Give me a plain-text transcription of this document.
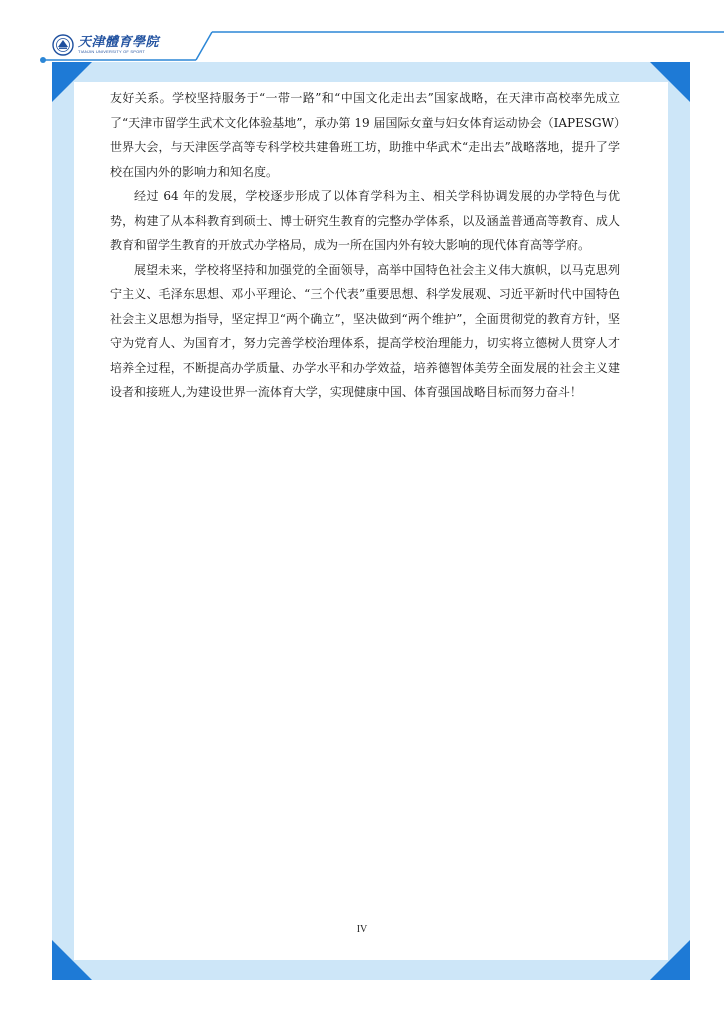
天津體育學院
TIANJIN UNIVERSITY OF SPORT

友好关系。学校坚持服务于“一带一路”和“中国文化走出去”国家战略，在天津市高校率先成立了“天津市留学生武术文化体验基地”，承办第 19 届国际女童与妇女体育运动协会（IAPESGW）世界大会，与天津医学高等专科学校共建鲁班工坊，助推中华武术“走出去”战略落地，提升了学校在国内外的影响力和知名度。

经过 64 年的发展，学校逐步形成了以体育学科为主、相关学科协调发展的办学特色与优势，构建了从本科教育到硕士、博士研究生教育的完整办学体系，以及涵盖普通高等教育、成人教育和留学生教育的开放式办学格局，成为一所在国内外有较大影响的现代体育高等学府。

展望未来，学校将坚持和加强党的全面领导，高举中国特色社会主义伟大旗帜，以马克思列宁主义、毛泽东思想、邓小平理论、“三个代表”重要思想、科学发展观、习近平新时代中国特色社会主义思想为指导，坚定捍卫“两个确立”，坚决做到“两个维护”，全面贯彻党的教育方针，坚守为党育人、为国育才，努力完善学校治理体系，提高学校治理能力，切实将立德树人贯穿人才培养全过程，不断提高办学质量、办学水平和办学效益，培养德智体美劳全面发展的社会主义建设者和接班人,为建设世界一流体育大学，实现健康中国、体育强国战略目标而努力奋斗！

IV
